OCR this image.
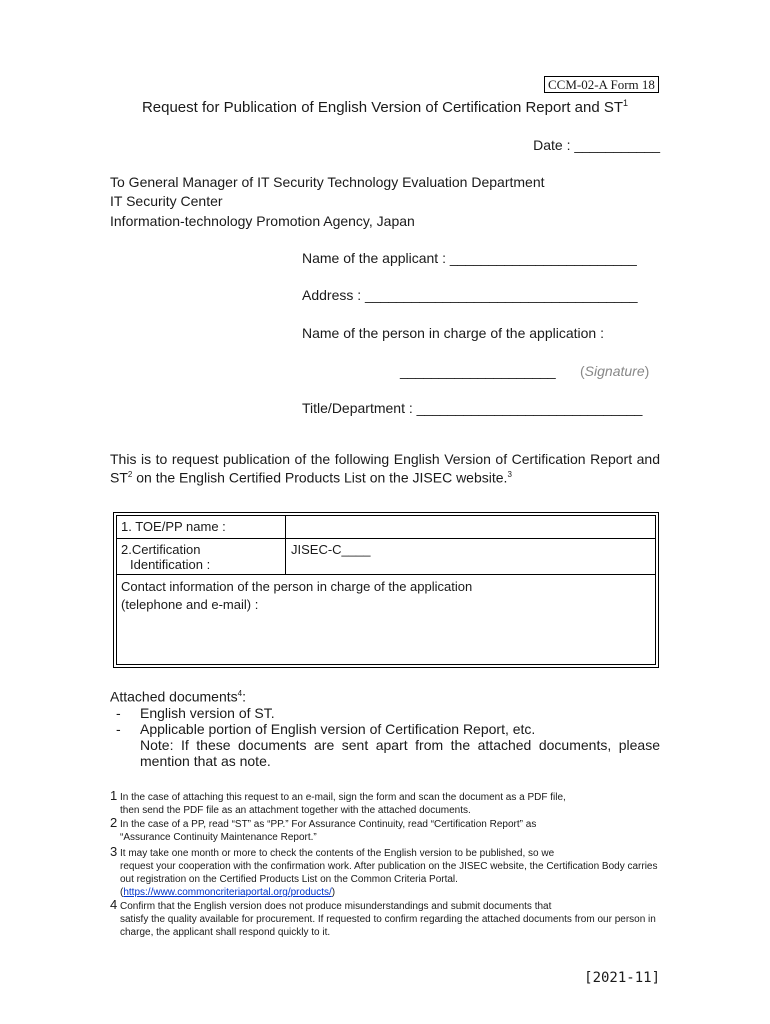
CCM-02-A Form 18
Request for Publication of English Version of Certification Report and $ST^1$
Date : ___________
To General Manager of IT Security Technology Evaluation Department
IT Security Center
Information-technology Promotion Agency, Japan
Name of the applicant : ________________________
Address : ___________________________________
Name of the person in charge of the application :
____________________ (Signature)
Title/Department : _____________________________
This is to request publication of the following English Version of Certification Report and $ST^2$ on the English Certified Products List on the JISEC website.$^3$
1. TOE/PP name :
2.Certification
Identification :
JISEC-C____
Contact information of the person in charge of the application
(telephone and e-mail) :
Attached documents$^4$:
- English version of ST.
- Applicable portion of English version of Certification Report, etc.
Note: If these documents are sent apart from the attached documents, please mention that as note.
1 In the case of attaching this request to an e-mail, sign the form and scan the document as a PDF file,
then send the PDF file as an attachment together with the attached documents.
2 In the case of a PP, read “ST” as “PP.” For Assurance Continuity, read “Certification Report” as
“Assurance Continuity Maintenance Report.”
3 It may take one month or more to check the contents of the English version to be published, so we
request your cooperation with the confirmation work. After publication on the JISEC website, the Certification Body carries out registration on the Certified Products List on the Common Criteria Portal.
(https://www.commoncriteriaportal.org/products/)
4 Confirm that the English version does not produce misunderstandings and submit documents that
satisfy the quality available for procurement. If requested to confirm regarding the attached documents from our person in charge, the applicant shall respond quickly to it.
[2021-11]
